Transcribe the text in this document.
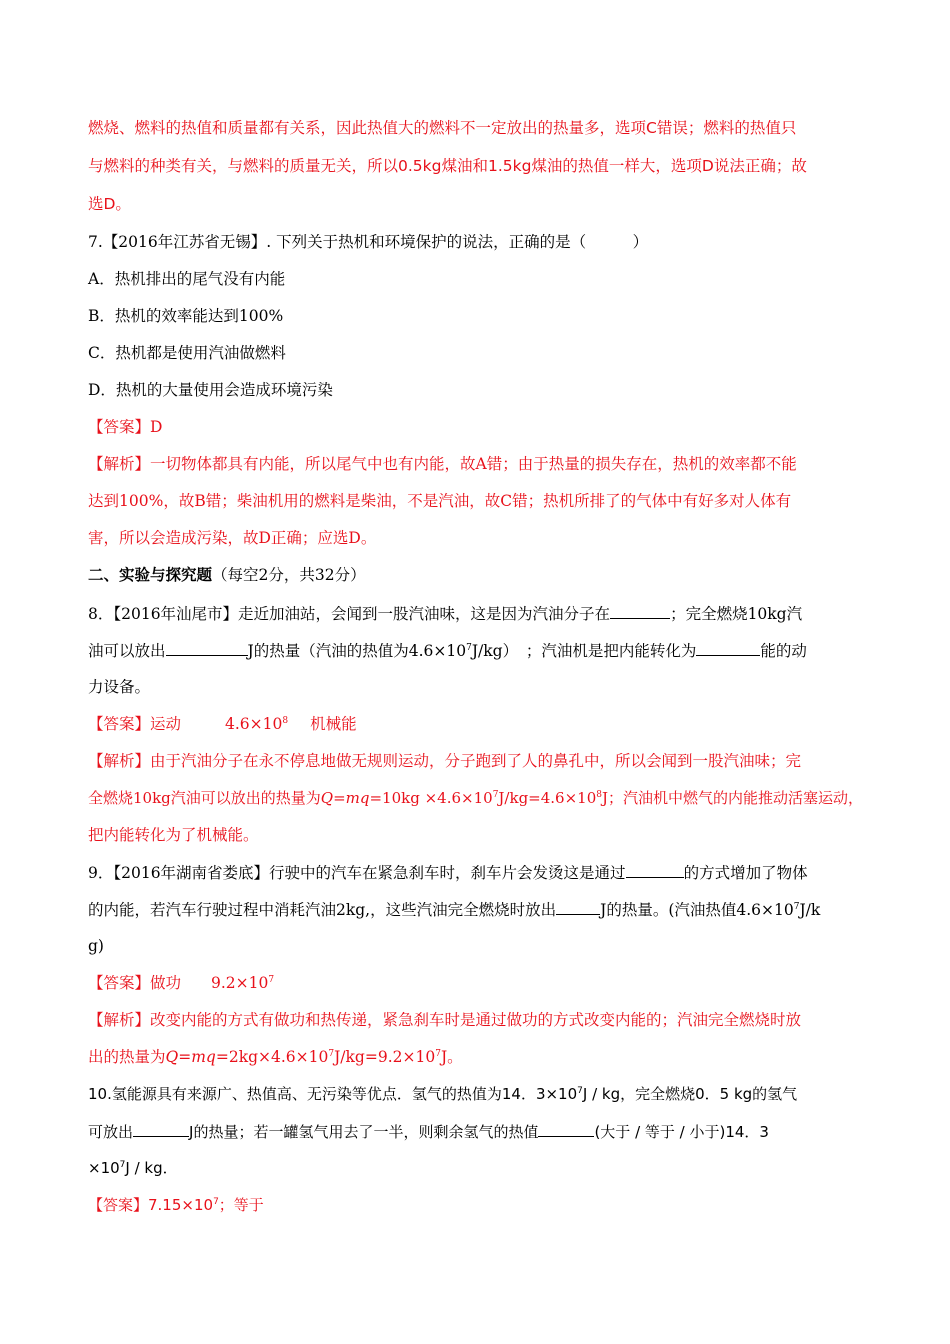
燃烧、燃料的热值和质量都有关系，因此热值大的燃料不一定放出的热量多，选项C错误；燃料的热值只
与燃料的种类有关，与燃料的质量无关，所以0.5kg煤油和1.5kg煤油的热值一样大，选项D说法正确；故
选D。
7.【2016年江苏省无锡】. 下列关于热机和环境保护的说法，正确的是（　　　）
A．热机排出的尾气没有内能
B．热机的效率能达到100%
C．热机都是使用汽油做燃料
D．热机的大量使用会造成环境污染
【答案】D
【解析】一切物体都具有内能，所以尾气中也有内能，故A错；由于热量的损失存在，热机的效率都不能
达到100%，故B错；柴油机用的燃料是柴油，不是汽油，故C错；热机所排了的气体中有好多对人体有
害，所以会造成污染，故D正确；应选D。
二、实验与探究题（每空2分，共32分）
8．【2016年汕尾市】走近加油站，会闻到一股汽油味，这是因为汽油分子在	；完全燃烧10kg汽
油可以放出	J的热量（汽油的热值为$4.6\times 10^7J/kg$）　；汽油机是把内能转化为	能的动
力设备。
【答案】运动	$4.6\times 10^8$ 机械能
【解析】由于汽油分子在永不停息地做无规则运动，分子跑到了人的鼻孔中，所以会闻到一股汽油味；完
全燃烧10kg汽油可以放出的热量为$Q=mq=10kg \times 4.6\times 10^7J/kg=4.6\times 10^8J$；汽油机中燃气的内能推动活塞运动，
把内能转化为了机械能。
9．【2016年湖南省娄底】行驶中的汽车在紧急刹车时，刹车片会发烫这是通过	的方式增加了物体
的内能，若汽车行驶过程中消耗汽油2kg,，这些汽油完全燃烧时放出	J的热量。(汽油热值$4.6\times 10^7J/k$
g)
【答案】做功 $9.2\times 10^7$
【解析】改变内能的方式有做功和热传递，紧急刹车时是通过做功的方式改变内能的；汽油完全燃烧时放
出的热量为$Q=mq=2kg\times 4.6\times 10^7J/kg=9.2\times 10^7J$。
10.氢能源具有来源广、热值高、无污染等优点．氢气的热值为14．$3\times 10^7J$ / kg，完全燃烧0．5 kg的氢气
可放出	J的热量；若一罐氢气用去了一半，则剩余氢气的热值	(大于 / 等于 / 小于)14．3
$\times 10^7J$ / kg．
【答案】$7.15\times 10^7$；等于
